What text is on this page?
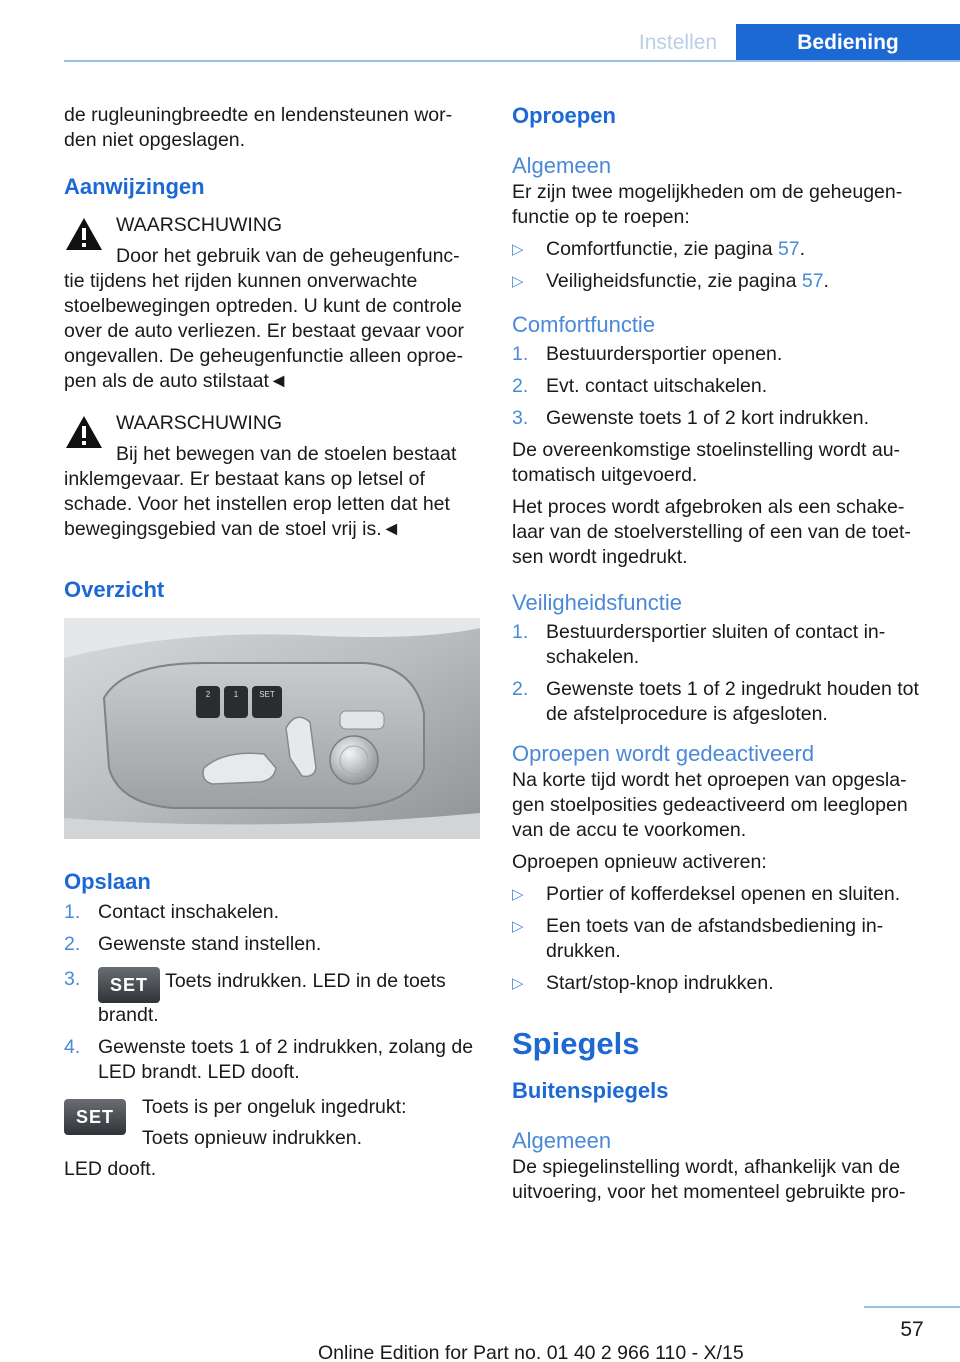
Instellen	Bediening

de rugleuningbreedte en lendensteunen wor-den niet opgeslagen.

Aanwijzingen

WAARSCHUWING

Door het gebruik van de geheugenfunc-

tie tijdens het rijden kunnen onverwachte stoelbewegingen optreden. U kunt de controle over de auto verliezen. Er bestaat gevaar voor ongevallen. De geheugenfunctie alleen oproe-pen als de auto stilstaat◄

WAARSCHUWING

Bij het bewegen van de stoelen bestaat

inklemgevaar. Er bestaat kans op letsel of schade. Voor het instellen erop letten dat het bewegingsgebied van de stoel vrij is.◄

Overzicht

2	1	SET

Opslaan

1. Contact inschakelen.
2. Gewenste stand instellen.
3. SET Toets indrukken. LED in de toets brandt.
4. Gewenste toets 1 of 2 indrukken, zolang de LED brandt. LED dooft.
SET	Toets is per ongeluk ingedrukt:

Toets opnieuw indrukken.

LED dooft.

Oproepen

Algemeen

Er zijn twee mogelijkheden om de geheugen-functie op te roepen:

▷ Comfortfunctie, zie pagina 57.
▷ Veiligheidsfunctie, zie pagina 57.

Comfortfunctie

1. Bestuurdersportier openen.
2. Evt. contact uitschakelen.
3. Gewenste toets 1 of 2 kort indrukken.

De overeenkomstige stoelinstelling wordt au-tomatisch uitgevoerd.

Het proces wordt afgebroken als een schake-laar van de stoelverstelling of een van de toet-sen wordt ingedrukt.

Veiligheidsfunctie

1. Bestuurdersportier sluiten of contact in-schakelen.
2. Gewenste toets 1 of 2 ingedrukt houden tot de afstelprocedure is afgesloten.

Oproepen wordt gedeactiveerd

Na korte tijd wordt het oproepen van opgesla-gen stoelposities gedeactiveerd om leeglopen van de accu te voorkomen.

Oproepen opnieuw activeren:

▷ Portier of kofferdeksel openen en sluiten.
▷ Een toets van de afstandsbediening in-drukken.
▷ Start/stop-knop indrukken.

Spiegels

Buitenspiegels

Algemeen

De spiegelinstelling wordt, afhankelijk van de uitvoering, voor het momenteel gebruikte pro-

57
Online Edition for Part no. 01 40 2 966 110 - X/15
